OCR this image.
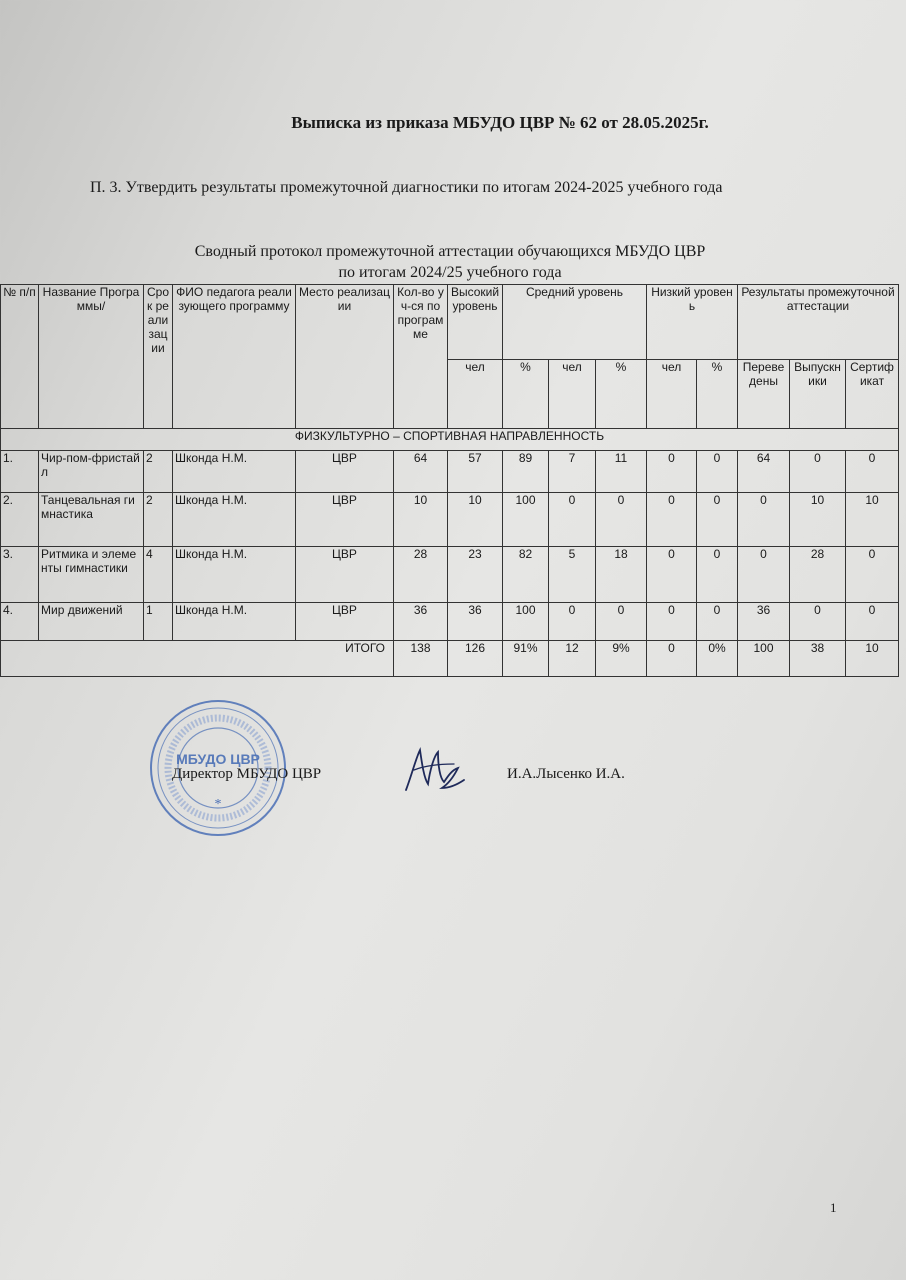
Выписка из приказа МБУДО ЦВР № 62 от 28.05.2025г.
П. 3. Утвердить результаты промежуточной диагностики по итогам 2024-2025 учебного года
Сводный протокол промежуточной аттестации обучающихся МБУДО ЦВР
по итогам 2024/25 учебного года
№ п/п	Название Программы/	Срок реализации	ФИО педагога реализующего программу	Место реализации	Кол-во уч-ся по программе	Высокий уровень	Средний уровень			Низкий уровень		Результаты промежуточной аттестации		
						чел	%	чел	%	чел	%	Переведены	Выпускники	Сертификат
ФИЗКУЛЬТУРНО – СПОРТИВНАЯ НАПРАВЛЕННОСТЬ														
1.	Чир-пом-фристайл	2	Шконда Н.М.	ЦВР	64	57	89	7	11	0	0	64	0	0
2.	Танцевальная гимнастика	2	Шконда Н.М.	ЦВР	10	10	100	0	0	0	0	0	10	10
3.	Ритмика и элементы гимнастики	4	Шконда Н.М.	ЦВР	28	23	82	5	18	0	0	0	28	0
4.	Мир движений	1	Шконда Н.М.	ЦВР	36	36	100	0	0	0	0	36	0	0
ИТОГО					138	126	91%	12	9%	0	0%	100	38	10
МБУДО ЦВР
*
Директор МБУДО ЦВР	И.А.Лысенко И.А.
1
